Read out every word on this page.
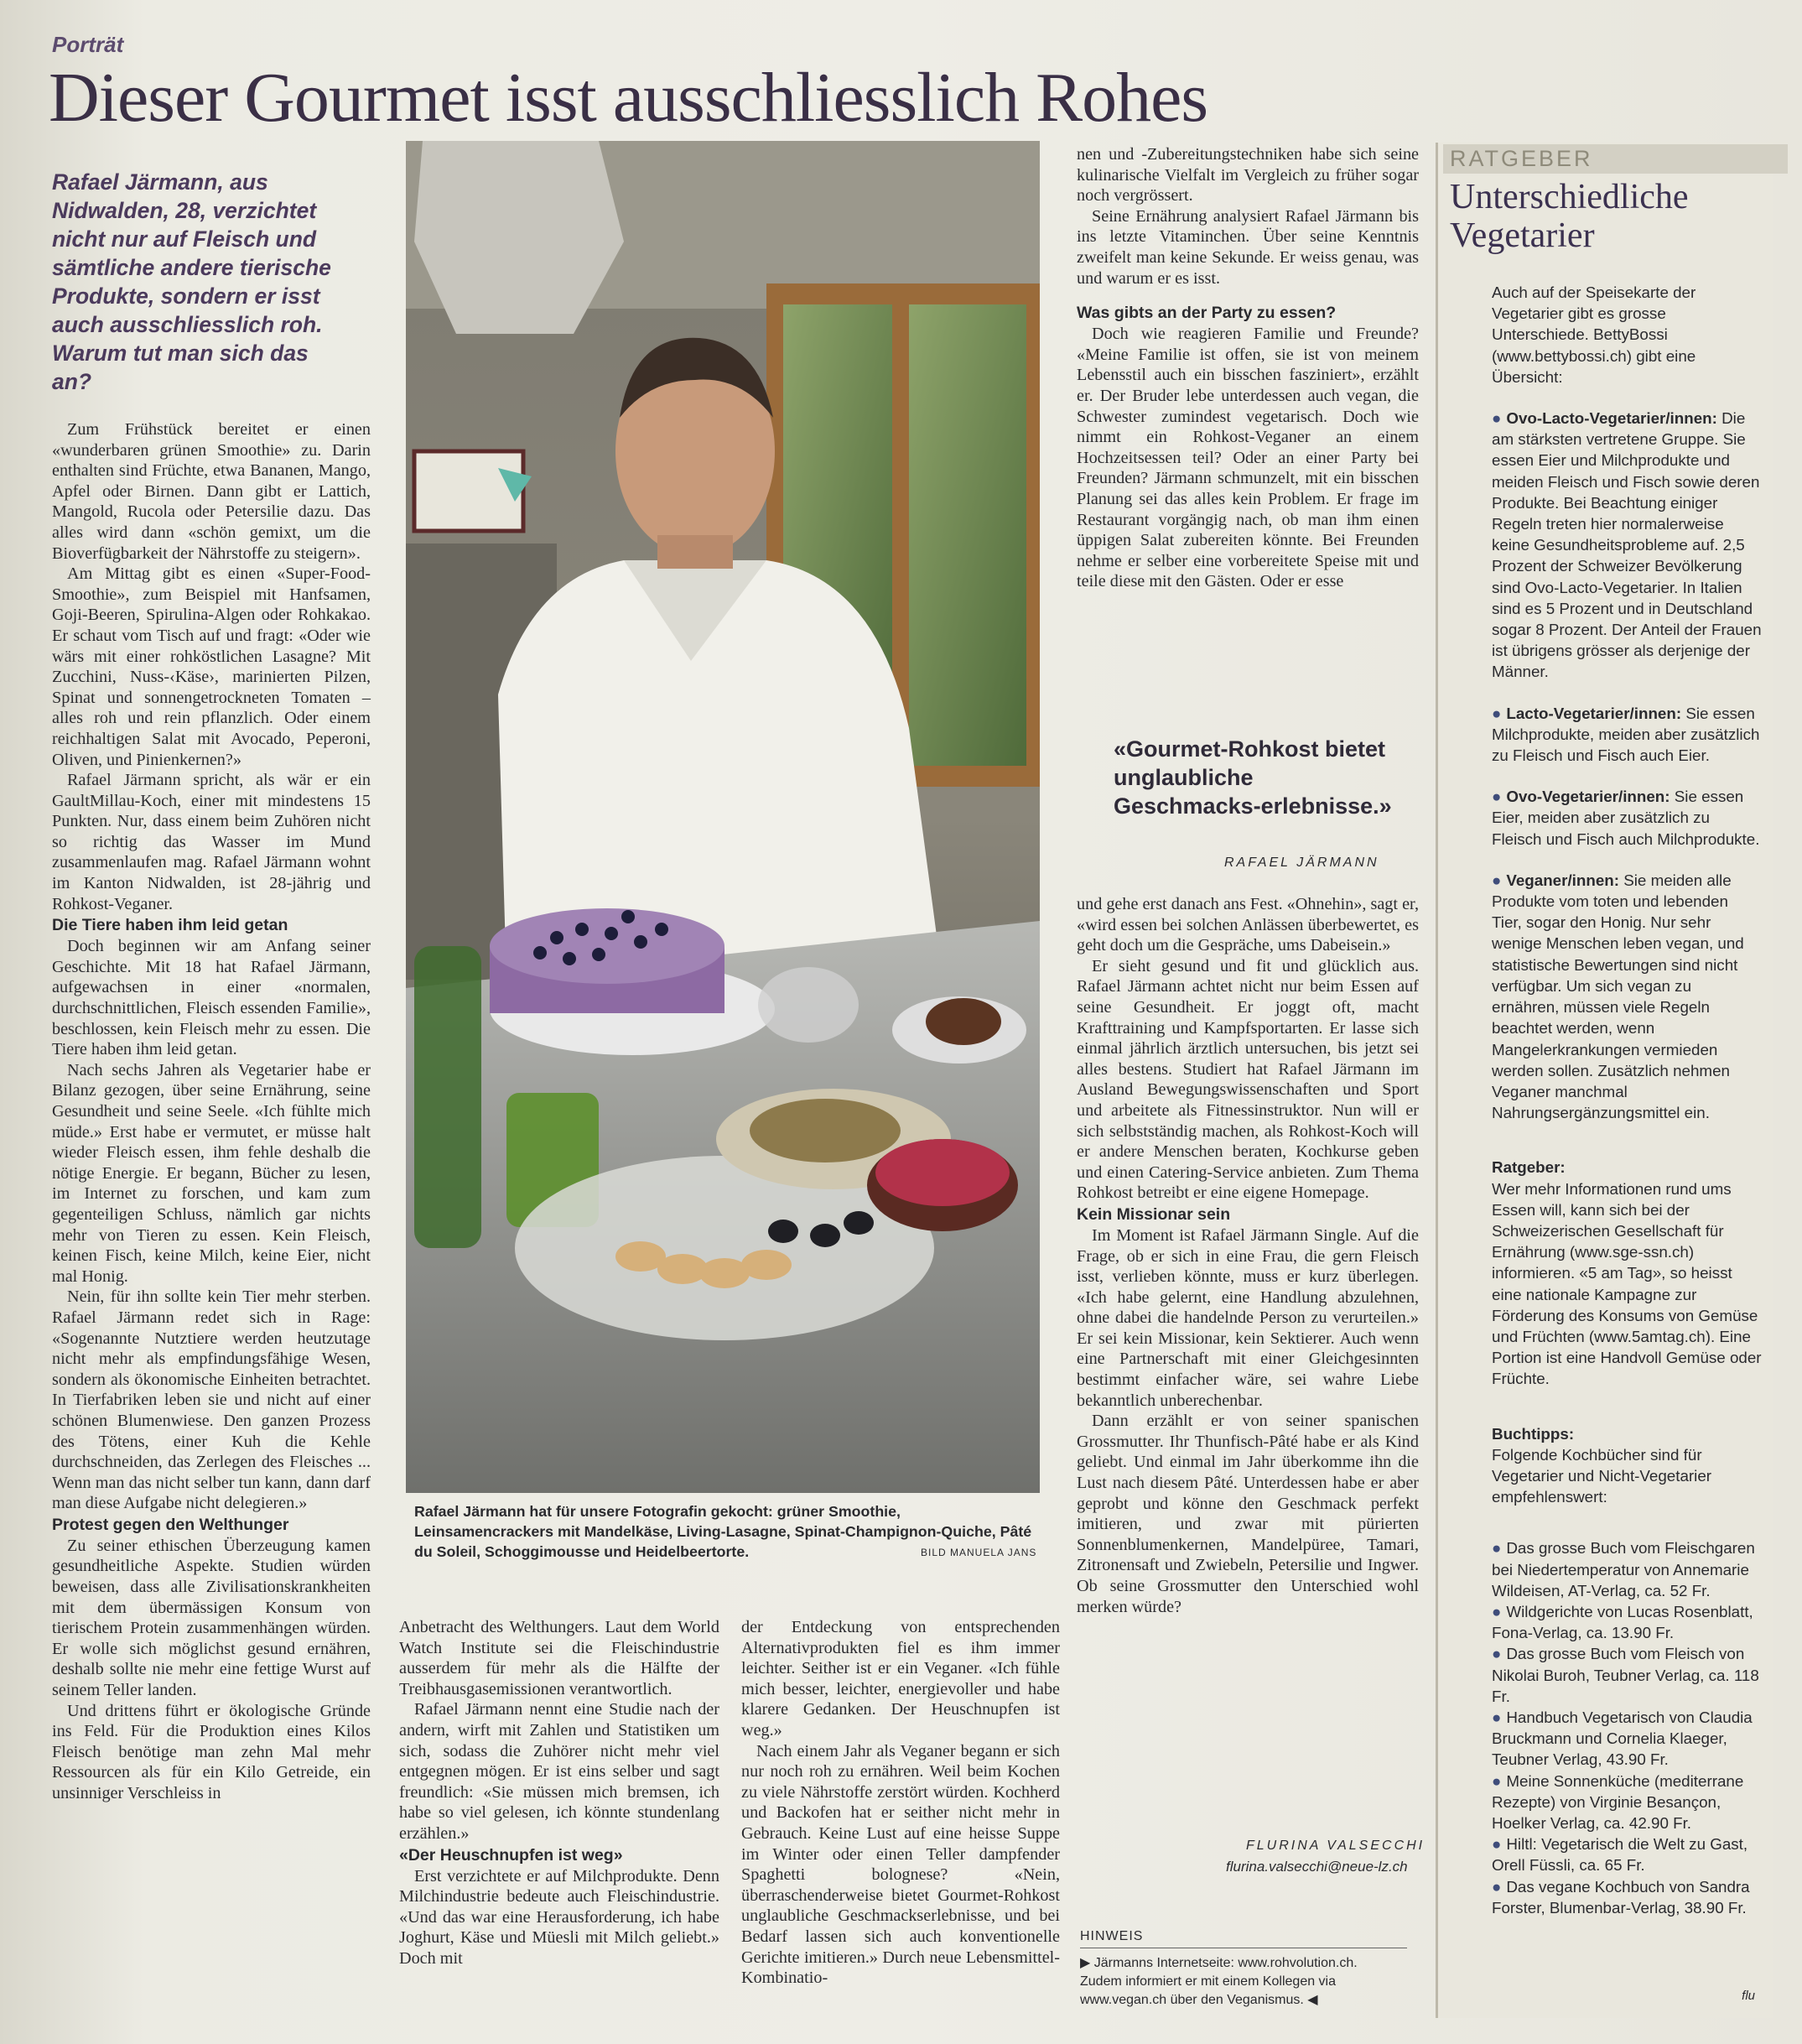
Porträt
Dieser Gourmet isst ausschliesslich Rohes
Rafael Järmann, aus Nidwalden, 28, verzichtet nicht nur auf Fleisch und sämtliche andere tierische Produkte, sondern er isst auch ausschliesslich roh. Warum tut man sich das an?

Zum Frühstück bereitet er einen «wunderbaren grünen Smoothie» zu. Darin enthalten sind Früchte, etwa Bananen, Mango, Apfel oder Birnen. Dann gibt er Lattich, Mangold, Rucola oder Petersilie dazu. Das alles wird dann «schön gemixt, um die Bioverfügbarkeit der Nährstoffe zu steigern».

Am Mittag gibt es einen «Super-Food-Smoothie», zum Beispiel mit Hanfsamen, Goji-Beeren, Spirulina-Algen oder Rohkakao. Er schaut vom Tisch auf und fragt: «Oder wie wärs mit einer rohköstlichen Lasagne? Mit Zucchini, Nuss-‹Käse›, marinierten Pilzen, Spinat und sonnengetrockneten Tomaten – alles roh und rein pflanzlich. Oder einem reichhaltigen Salat mit Avocado, Peperoni, Oliven, und Pinienkernen?»

Rafael Järmann spricht, als wär er ein GaultMillau-Koch, einer mit mindestens 15 Punkten. Nur, dass einem beim Zuhören nicht so richtig das Wasser im Mund zusammenlaufen mag. Rafael Järmann wohnt im Kanton Nidwalden, ist 28-jährig und Rohkost-Veganer.

Die Tiere haben ihm leid getan

Doch beginnen wir am Anfang seiner Geschichte. Mit 18 hat Rafael Järmann, aufgewachsen in einer «normalen, durchschnittlichen, Fleisch essenden Familie», beschlossen, kein Fleisch mehr zu essen. Die Tiere haben ihm leid getan.

Nach sechs Jahren als Vegetarier habe er Bilanz gezogen, über seine Ernährung, seine Gesundheit und seine Seele. «Ich fühlte mich müde.» Erst habe er vermutet, er müsse halt wieder Fleisch essen, ihm fehle deshalb die nötige Energie. Er begann, Bücher zu lesen, im Internet zu forschen, und kam zum gegenteiligen Schluss, nämlich gar nichts mehr von Tieren zu essen. Kein Fleisch, keinen Fisch, keine Milch, keine Eier, nicht mal Honig.

Nein, für ihn sollte kein Tier mehr sterben. Rafael Järmann redet sich in Rage: «Sogenannte Nutztiere werden heutzutage nicht mehr als empfindungsfähige Wesen, sondern als ökonomische Einheiten betrachtet. In Tierfabriken leben sie und nicht auf einer schönen Blumenwiese. Den ganzen Prozess des Tötens, einer Kuh die Kehle durchschneiden, das Zerlegen des Fleisches ... Wenn man das nicht selber tun kann, dann darf man diese Aufgabe nicht delegieren.»

Protest gegen den Welthunger

Zu seiner ethischen Überzeugung kamen gesundheitliche Aspekte. Studien würden beweisen, dass alle Zivilisationskrankheiten mit dem übermässigen Konsum von tierischem Protein zusammenhängen würden. Er wolle sich möglichst gesund ernähren, deshalb sollte nie mehr eine fettige Wurst auf seinem Teller landen.

Und drittens führt er ökologische Gründe ins Feld. Für die Produktion eines Kilos Fleisch benötige man zehn Mal mehr Ressourcen als für ein Kilo Getreide, ein unsinniger Verschleiss in

Rafael Järmann hat für unsere Fotografin gekocht: grüner Smoothie, Leinsamencrackers mit Mandelkäse, Living-Lasagne, Spinat-Champignon-Quiche, Pâté du Soleil, Schoggimousse und Heidelbeertorte.	BILD MANUELA JANS

Anbetracht des Welthungers. Laut dem World Watch Institute sei die Fleischindustrie ausserdem für mehr als die Hälfte der Treibhausgasemissionen verantwortlich.

Rafael Järmann nennt eine Studie nach der andern, wirft mit Zahlen und Statistiken um sich, sodass die Zuhörer nicht mehr viel entgegnen mögen. Er ist eins selber und sagt freundlich: «Sie müssen mich bremsen, ich habe so viel gelesen, ich könnte stundenlang erzählen.»

«Der Heuschnupfen ist weg»

Erst verzichtete er auf Milchprodukte. Denn Milchindustrie bedeute auch Fleischindustrie. «Und das war eine Herausforderung, ich habe Joghurt, Käse und Müesli mit Milch geliebt.» Doch mit

der Entdeckung von entsprechenden Alternativprodukten fiel es ihm immer leichter. Seither ist er ein Veganer. «Ich fühle mich besser, leichter, energievoller und habe klarere Gedanken. Der Heuschnupfen ist weg.»

Nach einem Jahr als Veganer begann er sich nur noch roh zu ernähren. Weil beim Kochen zu viele Nährstoffe zerstört würden. Kochherd und Backofen hat er seither nicht mehr in Gebrauch. Keine Lust auf eine heisse Suppe im Winter oder einen Teller dampfender Spaghetti bolognese? «Nein, überraschenderweise bietet Gourmet-Rohkost unglaubliche Geschmackserlebnisse, und bei Bedarf lassen sich auch konventionelle Gerichte imitieren.» Durch neue Lebensmittel-Kombinatio-

nen und -Zubereitungstechniken habe sich seine kulinarische Vielfalt im Vergleich zu früher sogar noch vergrössert.

Seine Ernährung analysiert Rafael Järmann bis ins letzte Vitaminchen. Über seine Kenntnis zweifelt man keine Sekunde. Er weiss genau, was und warum er es isst.

Was gibts an der Party zu essen?

Doch wie reagieren Familie und Freunde? «Meine Familie ist offen, sie ist von meinem Lebensstil auch ein bisschen fasziniert», erzählt er. Der Bruder lebe unterdessen auch vegan, die Schwester zumindest vegetarisch. Doch wie nimmt ein Rohkost-Veganer an einem Hochzeitsessen teil? Oder an einer Party bei Freunden? Järmann schmunzelt, mit ein bisschen Planung sei das alles kein Problem. Er frage im Restaurant vorgängig nach, ob man ihm einen üppigen Salat zubereiten könnte. Bei Freunden nehme er selber eine vorbereitete Speise mit und teile diese mit den Gästen. Oder er esse

«Gourmet-Rohkost bietet unglaubliche Geschmacks-erlebnisse.»
RAFAEL JÄRMANN

und gehe erst danach ans Fest. «Ohnehin», sagt er, «wird essen bei solchen Anlässen überbewertet, es geht doch um die Gespräche, ums Dabeisein.»

Er sieht gesund und fit und glücklich aus. Rafael Järmann achtet nicht nur beim Essen auf seine Gesundheit. Er joggt oft, macht Krafttraining und Kampfsportarten. Er lasse sich einmal jährlich ärztlich untersuchen, bis jetzt sei alles bestens. Studiert hat Rafael Järmann im Ausland Bewegungswissenschaften und Sport und arbeitete als Fitnessinstruktor. Nun will er sich selbstständig machen, als Rohkost-Koch will er andere Menschen beraten, Kochkurse geben und einen Catering-Service anbieten. Zum Thema Rohkost betreibt er eine eigene Homepage.

Kein Missionar sein

Im Moment ist Rafael Järmann Single. Auf die Frage, ob er sich in eine Frau, die gern Fleisch isst, verlieben könnte, muss er kurz überlegen. «Ich habe gelernt, eine Handlung abzulehnen, ohne dabei die handelnde Person zu verurteilen.» Er sei kein Missionar, kein Sektierer. Auch wenn eine Partnerschaft mit einer Gleichgesinnten bestimmt einfacher wäre, sei wahre Liebe bekanntlich unberechenbar.

Dann erzählt er von seiner spanischen Grossmutter. Ihr Thunfisch-Pâté habe er als Kind geliebt. Und einmal im Jahr überkomme ihn die Lust nach diesem Pâté. Unterdessen habe er aber geprobt und könne den Geschmack perfekt imitieren, und zwar mit pürierten Sonnenblumenkernen, Mandelpüree, Tamari, Zitronensaft und Zwiebeln, Petersilie und Ingwer. Ob seine Grossmutter den Unterschied wohl merken würde?

FLURINA VALSECCHI
flurina.valsecchi@neue-lz.ch
HINWEIS
▶ Järmanns Internetseite: www.rohvolution.ch. Zudem informiert er mit einem Kollegen via www.vegan.ch über den Veganismus. ◀
RATGEBER
Unterschiedliche Vegetarier

Auch auf der Speisekarte der Vegetarier gibt es grosse Unterschiede. BettyBossi (www.bettybossi.ch) gibt eine Übersicht:

● Ovo-Lacto-Vegetarier/innen: Die am stärksten vertretene Gruppe. Sie essen Eier und Milchprodukte und meiden Fleisch und Fisch sowie deren Produkte. Bei Beachtung einiger Regeln treten hier normalerweise keine Gesundheitsprobleme auf. 2,5 Prozent der Schweizer Bevölkerung sind Ovo-Lacto-Vegetarier. In Italien sind es 5 Prozent und in Deutschland sogar 8 Prozent. Der Anteil der Frauen ist übrigens grösser als derjenige der Männer.

● Lacto-Vegetarier/innen: Sie essen Milchprodukte, meiden aber zusätzlich zu Fleisch und Fisch auch Eier.

● Ovo-Vegetarier/innen: Sie essen Eier, meiden aber zusätzlich zu Fleisch und Fisch auch Milchprodukte.

● Veganer/innen: Sie meiden alle Produkte vom toten und lebenden Tier, sogar den Honig. Nur sehr wenige Menschen leben vegan, und statistische Bewertungen sind nicht verfügbar. Um sich vegan zu ernähren, müssen viele Regeln beachtet werden, wenn Mangelerkrankungen vermieden werden sollen. Zusätzlich nehmen Veganer manchmal Nahrungsergänzungsmittel ein.

Ratgeber:

Wer mehr Informationen rund ums Essen will, kann sich bei der Schweizerischen Gesellschaft für Ernährung (www.sge-ssn.ch) informieren. «5 am Tag», so heisst eine nationale Kampagne zur Förderung des Konsums von Gemüse und Früchten (www.5amtag.ch). Eine Portion ist eine Handvoll Gemüse oder Früchte.

Buchtipps:

Folgende Kochbücher sind für Vegetarier und Nicht-Vegetarier empfehlenswert:

● Das grosse Buch vom Fleischgaren bei Niedertemperatur von Annemarie Wildeisen, AT-Verlag, ca. 52 Fr.

● Wildgerichte von Lucas Rosenblatt, Fona-Verlag, ca. 13.90 Fr.

● Das grosse Buch vom Fleisch von Nikolai Buroh, Teubner Verlag, ca. 118 Fr.

● Handbuch Vegetarisch von Claudia Bruckmann und Cornelia Klaeger, Teubner Verlag, 43.90 Fr.

● Meine Sonnenküche (mediterrane Rezepte) von Virginie Besançon, Hoelker Verlag, ca. 42.90 Fr.

● Hiltl: Vegetarisch die Welt zu Gast, Orell Füssli, ca. 65 Fr.

● Das vegane Kochbuch von Sandra Forster, Blumenbar-Verlag, 38.90 Fr.

flu
